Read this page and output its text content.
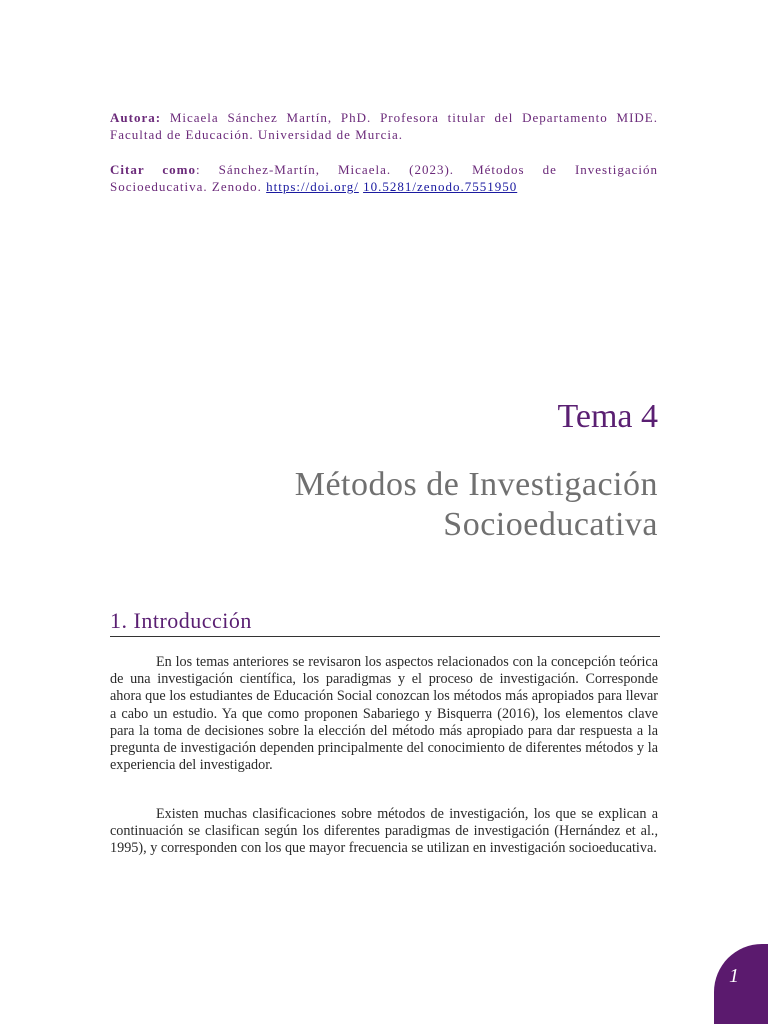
Autora: Micaela Sánchez Martín, PhD. Profesora titular del Departamento MIDE. Facultad de Educación. Universidad de Murcia.
Citar como: Sánchez-Martín, Micaela. (2023). Métodos de Investigación Socioeducativa. Zenodo. https://doi.org/ 10.5281/zenodo.7551950
Tema 4
Métodos de Investigación Socioeducativa
1. Introducción

En los temas anteriores se revisaron los aspectos relacionados con la concepción teórica de una investigación científica, los paradigmas y el proceso de investigación. Corresponde ahora que los estudiantes de Educación Social conozcan los métodos más apropiados para llevar a cabo un estudio. Ya que como proponen Sabariego y Bisquerra (2016), los elementos clave para la toma de decisiones sobre la elección del método más apropiado para dar respuesta a la pregunta de investigación dependen principalmente del conocimiento de diferentes métodos y la experiencia del investigador.

Existen muchas clasificaciones sobre métodos de investigación, los que se explican a continuación se clasifican según los diferentes paradigmas de investigación (Hernández et al., 1995), y corresponden con los que mayor frecuencia se utilizan en investigación socioeducativa.

1
